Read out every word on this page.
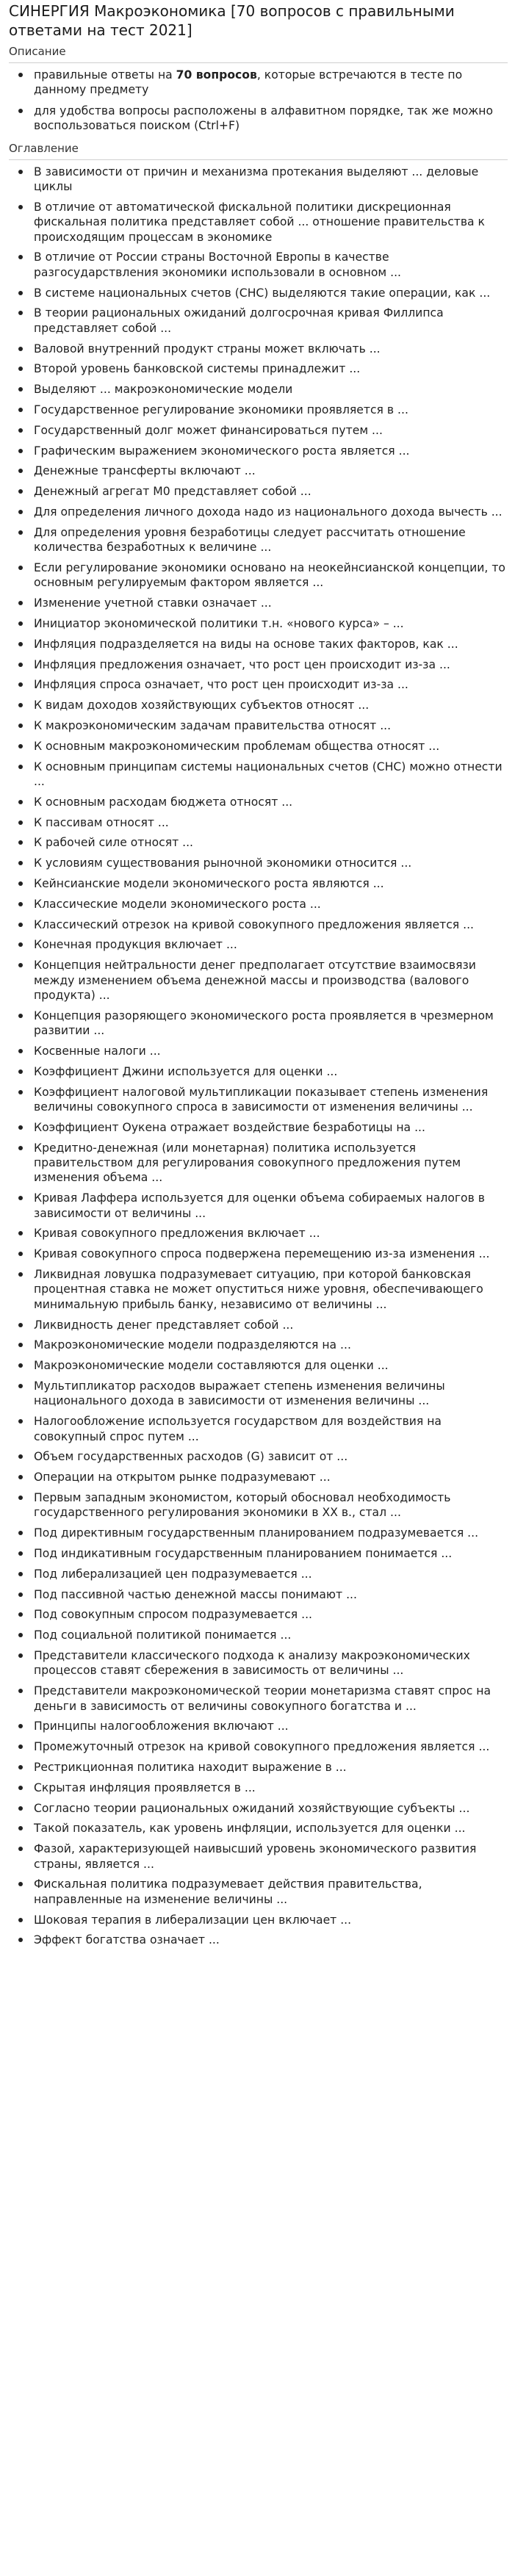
СИНЕРГИЯ Макроэкономика [70 вопросов с правильными ответами на тест 2021]
Описание
правильные ответы на 70 вопросов, которые встречаются в тесте по данному предмету
для удобства вопросы расположены в алфавитном порядке, так же можно воспользоваться поиском (Ctrl+F)
Оглавление
В зависимости от причин и механизма протекания выделяют ... деловые циклы
В отличие от автоматической фискальной политики дискреционная фискальная политика представляет собой ... отношение правительства к происходящим процессам в экономике
В отличие от России страны Восточной Европы в качестве разгосударствления экономики использовали в основном ...
В системе национальных счетов (СНС) выделяются такие операции, как ...
В теории рациональных ожиданий долгосрочная кривая Филлипса представляет собой ...
Валовой внутренний продукт страны может включать ...
Второй уровень банковской системы принадлежит ...
Выделяют ... макроэкономические модели
Государственное регулирование экономики проявляется в ...
Государственный долг может финансироваться путем ...
Графическим выражением экономического роста является ...
Денежные трансферты включают ...
Денежный агрегат M0 представляет собой ...
Для определения личного дохода надо из национального дохода вычесть ...
Для определения уровня безработицы следует рассчитать отношение количества безработных к величине ...
Если регулирование экономики основано на неокейнсианской концепции, то основным регулируемым фактором является ...
Изменение учетной ставки означает ...
Инициатор экономической политики т.н. «нового курса» – ...
Инфляция подразделяется на виды на основе таких факторов, как ...
Инфляция предложения означает, что рост цен происходит из-за ...
Инфляция спроса означает, что рост цен происходит из-за ...
К видам доходов хозяйствующих субъектов относят ...
К макроэкономическим задачам правительства относят ...
К основным макроэкономическим проблемам общества относят ...
К основным принципам системы национальных счетов (СНС) можно отнести ...
К основным расходам бюджета относят ...
К пассивам относят ...
К рабочей силе относят ...
К условиям существования рыночной экономики относится ...
Кейнсианские модели экономического роста являются ...
Классические модели экономического роста ...
Классический отрезок на кривой совокупного предложения является ...
Конечная продукция включает ...
Концепция нейтральности денег предполагает отсутствие взаимосвязи между изменением объема денежной массы и производства (валового продукта) ...
Концепция разоряющего экономического роста проявляется в чрезмерном развитии ...
Косвенные налоги ...
Коэффициент Джини используется для оценки ...
Коэффициент налоговой мультипликации показывает степень изменения величины совокупного спроса в зависимости от изменения величины ...
Коэффициент Оукена отражает воздействие безработицы на ...
Кредитно-денежная (или монетарная) политика используется правительством для регулирования совокупного предложения путем изменения объема ...
Кривая Лаффера используется для оценки объема собираемых налогов в зависимости от величины ...
Кривая совокупного предложения включает ...
Кривая совокупного спроса подвержена перемещению из-за изменения ...
Ликвидная ловушка подразумевает ситуацию, при которой банковская процентная ставка не может опуститься ниже уровня, обеспечивающего минимальную прибыль банку, независимо от величины ...
Ликвидность денег представляет собой ...
Макроэкономические модели подразделяются на ...
Макроэкономические модели составляются для оценки ...
Мультипликатор расходов выражает степень изменения величины национального дохода в зависимости от изменения величины ...
Налогообложение используется государством для воздействия на совокупный спрос путем ...
Объем государственных расходов (G) зависит от ...
Операции на открытом рынке подразумевают ...
Первым западным экономистом, который обосновал необходимость государственного регулирования экономики в XX в., стал ...
Под директивным государственным планированием подразумевается ...
Под индикативным государственным планированием понимается ...
Под либерализацией цен подразумевается ...
Под пассивной частью денежной массы понимают ...
Под совокупным спросом подразумевается ...
Под социальной политикой понимается ...
Представители классического подхода к анализу макроэкономических процессов ставят сбережения в зависимость от величины ...
Представители макроэкономической теории монетаризма ставят спрос на деньги в зависимость от величины совокупного богатства и ...
Принципы налогообложения включают ...
Промежуточный отрезок на кривой совокупного предложения является ...
Рестрикционная политика находит выражение в ...
Скрытая инфляция проявляется в ...
Согласно теории рациональных ожиданий хозяйствующие субъекты ...
Такой показатель, как уровень инфляции, используется для оценки ...
Фазой, характеризующей наивысший уровень экономического развития страны, является ...
Фискальная политика подразумевает действия правительства, направленные на изменение величины ...
Шоковая терапия в либерализации цен включает ...
Эффект богатства означает ...
